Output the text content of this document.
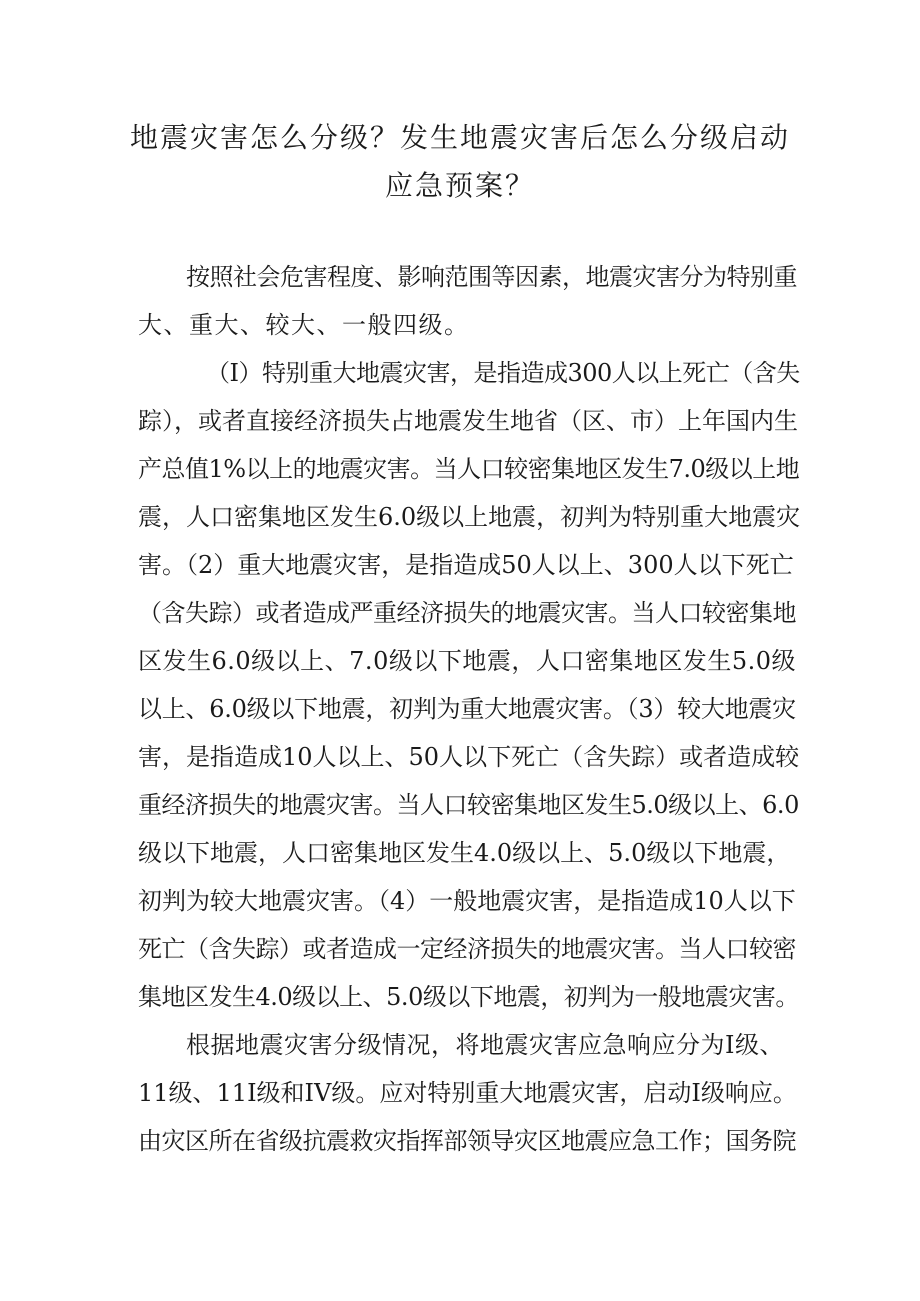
地震灾害怎么分级？发生地震灾害后怎么分级启动
应急预案？

按照社会危害程度、影响范围等因素，地震灾害分为特别重

大、重大、较大、一般四级。

（I）特别重大地震灾害，是指造成300人以上死亡（含失

踪），或者直接经济损失占地震发生地省（区、市）上年国内生

产总值1%以上的地震灾害。当人口较密集地区发生7.0级以上地

震，人口密集地区发生6.0级以上地震，初判为特别重大地震灾

害。（2）重大地震灾害，是指造成50人以上、300人以下死亡

（含失踪）或者造成严重经济损失的地震灾害。当人口较密集地

区发生6.0级以上、7.0级以下地震，人口密集地区发生5.0级

以上、6.0级以下地震，初判为重大地震灾害。（3）较大地震灾

害，是指造成10人以上、50人以下死亡（含失踪）或者造成较

重经济损失的地震灾害。当人口较密集地区发生5.0级以上、6.0

级以下地震，人口密集地区发生4.0级以上、5.0级以下地震，

初判为较大地震灾害。（4）一般地震灾害，是指造成10人以下

死亡（含失踪）或者造成一定经济损失的地震灾害。当人口较密

集地区发生4.0级以上、5.0级以下地震，初判为一般地震灾害。

根据地震灾害分级情况，将地震灾害应急响应分为I级、

11级、11I级和IV级。应对特别重大地震灾害，启动I级响应。

由灾区所在省级抗震救灾指挥部领导灾区地震应急工作；国务院
